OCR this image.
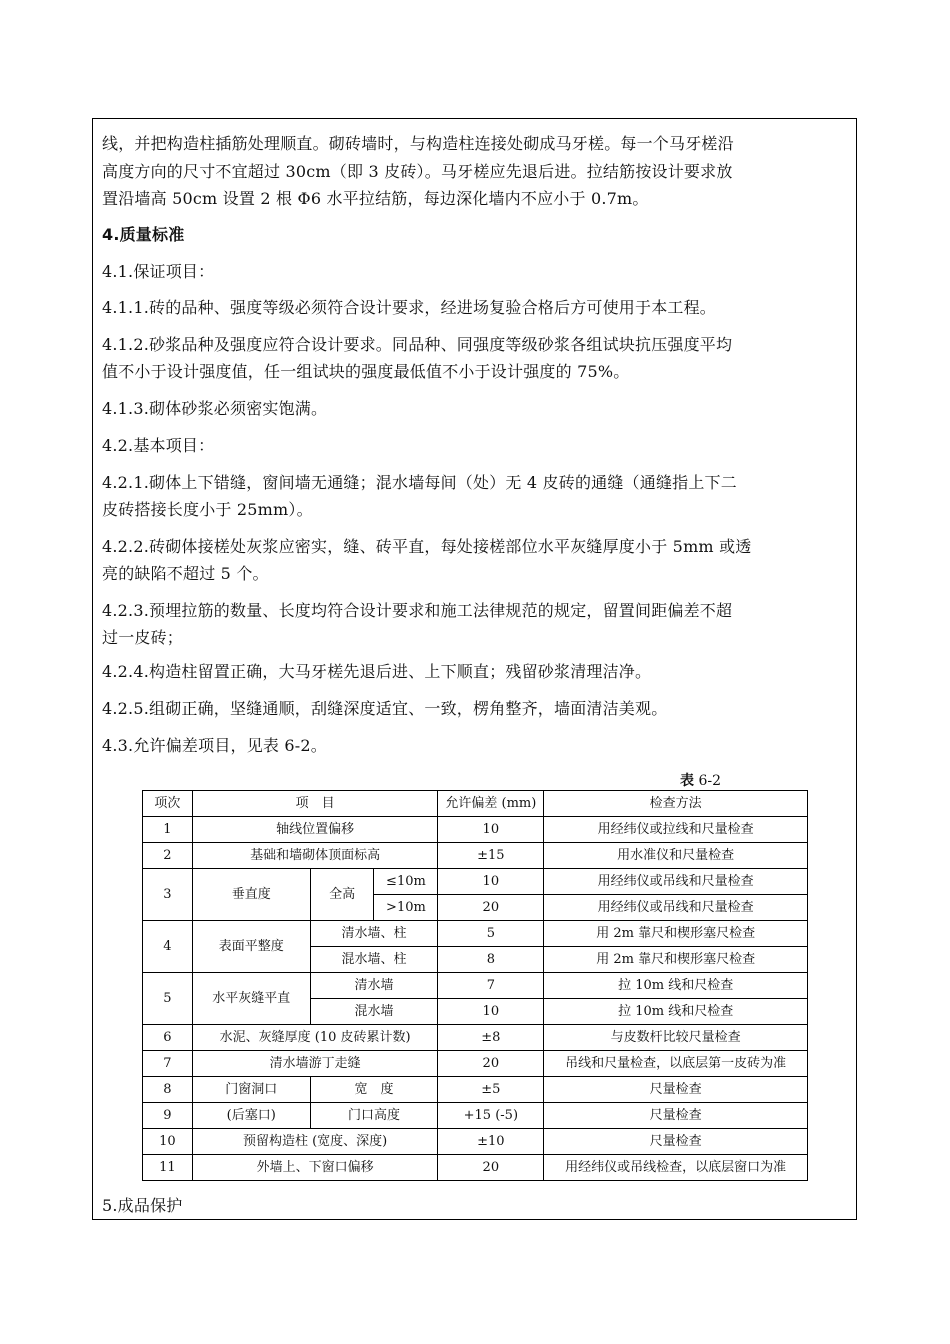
线，并把构造柱插筋处理顺直。砌砖墙时，与构造柱连接处砌成马牙槎。每一个马牙槎沿

高度方向的尺寸不宜超过 30cm（即 3 皮砖）。马牙槎应先退后进。拉结筋按设计要求放

置沿墙高 50cm 设置 2 根 Φ6 水平拉结筋，每边深化墙内不应小于 0.7m。

4.质量标准

4.1.保证项目：

4.1.1.砖的品种、强度等级必须符合设计要求，经进场复验合格后方可使用于本工程。

4.1.2.砂浆品种及强度应符合设计要求。同品种、同强度等级砂浆各组试块抗压强度平均

值不小于设计强度值，任一组试块的强度最低值不小于设计强度的 75%。

4.1.3.砌体砂浆必须密实饱满。

4.2.基本项目：

4.2.1.砌体上下错缝，窗间墙无通缝；混水墙每间（处）无 4 皮砖的通缝（通缝指上下二

皮砖搭接长度小于 25mm）。

4.2.2.砖砌体接槎处灰浆应密实，缝、砖平直，每处接槎部位水平灰缝厚度小于 5mm 或透

亮的缺陷不超过 5 个。

4.2.3.预埋拉筋的数量、长度均符合设计要求和施工法律规范的规定，留置间距偏差不超

过一皮砖；

4.2.4.构造柱留置正确，大马牙槎先退后进、上下顺直；残留砂浆清理洁净。

4.2.5.组砌正确，坚缝通顺，刮缝深度适宜、一致，楞角整齐，墙面清洁美观。

4.3.允许偏差项目，见表 6-2。

表 6-2
项次	项　目			允许偏差 (mm)	检查方法
1	轴线位置偏移			10	用经纬仪或拉线和尺量检查
2	基础和墙砌体顶面标高			±15	用水准仪和尺量检查
3	垂直度	全高	≤10m	10	用经纬仪或吊线和尺量检查
			>10m	20	用经纬仪或吊线和尺量检查
4	表面平整度	清水墙、柱		5	用 2m 靠尺和楔形塞尺检查
		混水墙、柱		8	用 2m 靠尺和楔形塞尺检查
5	水平灰缝平直	清水墙		7	拉 10m 线和尺检查
		混水墙		10	拉 10m 线和尺检查
6	水泥、灰缝厚度 (10 皮砖累计数)			±8	与皮数杆比较尺量检查
7	清水墙游丁走缝			20	吊线和尺量检查，以底层第一皮砖为准
8	门窗洞口	宽　度		±5	尺量检查
9	(后塞口)	门口高度		+15 (-5)	尺量检查
10	预留构造柱 (宽度、深度)			±10	尺量检查
11	外墙上、下窗口偏移			20	用经纬仪或吊线检查，以底层窗口为准

5.成品保护
